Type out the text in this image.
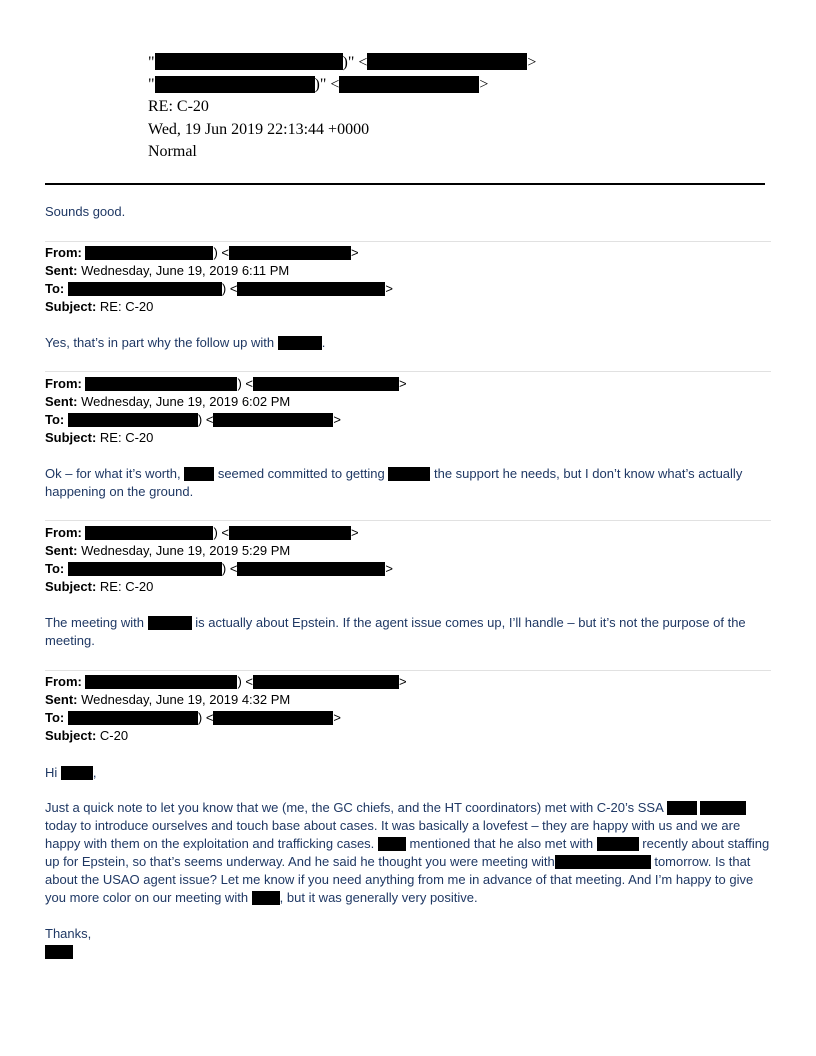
"	)" <	>
"	)" <	>
RE: C-20
Wed, 19 Jun 2019 22:13:44 +0000
Normal

Sounds good.

From:	) <	>
Sent: Wednesday, June 19, 2019 6:11 PM
To:	) <	>
Subject: RE: C-20

Yes, that’s in part why the follow up with	.

From:	) <	>
Sent: Wednesday, June 19, 2019 6:02 PM
To:	) <	>
Subject: RE: C-20

Ok – for what it’s worth,  seemed committed to getting	the support he needs, but I don’t know what’s actually happening on the ground.

From:	) <	>
Sent: Wednesday, June 19, 2019 5:29 PM
To:	) <	>
Subject: RE: C-20

The meeting with	is actually about Epstein. If the agent issue comes up, I’ll handle – but it’s not the purpose of the meeting.

From:	) <	>
Sent: Wednesday, June 19, 2019 4:32 PM
To:	) <	>
Subject: C-20

Hi ,

Just a quick note to let you know that we (me, the GC chiefs, and the HT coordinators) met with C-20’s SSA   today to introduce ourselves and touch base about cases. It was basically a lovefest – they are happy with us and we are happy with them on the exploitation and trafficking cases.  mentioned that he also met with	recently about staffing up for Epstein, so that’s seems underway. And he said he thought you were meeting with	tomorrow. Is that about the USAO agent issue? Let me know if you need anything from me in advance of that meeting. And I’m happy to give you more color on our meeting with , but it was generally very positive.

Thanks,
